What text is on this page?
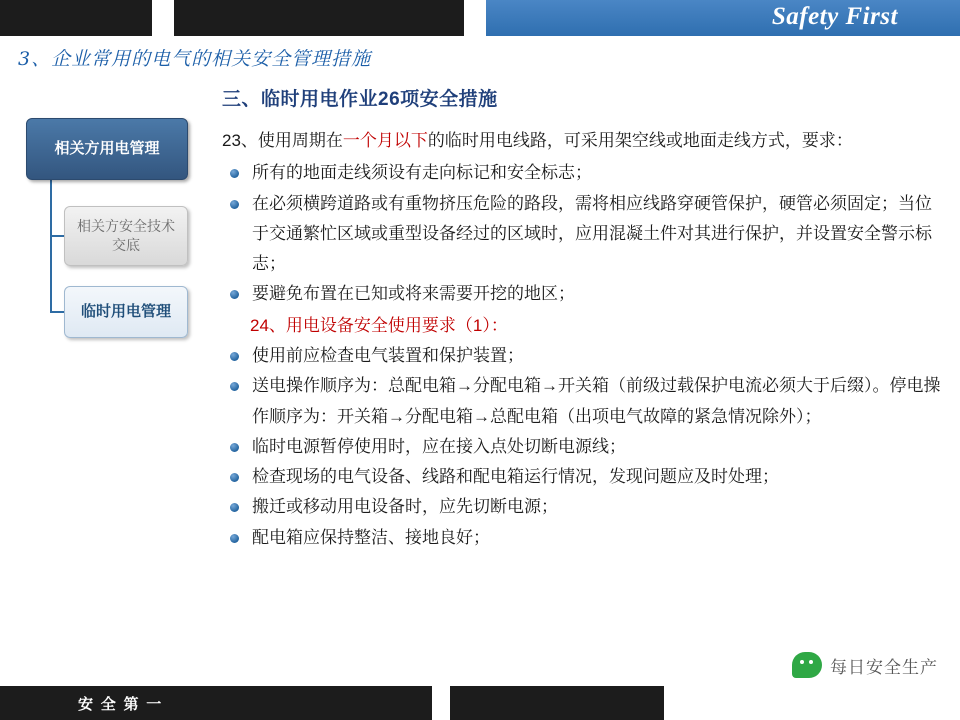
Safety First
3、企业常用的电气的相关安全管理措施
相关方用电管理
相关方安全技术交底
临时用电管理
三、临时用电作业26项安全措施

23、使用周期在一个月以下的临时用电线路，可采用架空线或地面走线方式，要求：

所有的地面走线须设有走向标记和安全标志；
在必须横跨道路或有重物挤压危险的路段，需将相应线路穿硬管保护，硬管必须固定；当位于交通繁忙区域或重型设备经过的区域时，应用混凝土件对其进行保护，并设置安全警示标志；
要避免布置在已知或将来需要开挖的地区；

24、用电设备安全使用要求（1）：

使用前应检查电气装置和保护装置；
送电操作顺序为：总配电箱→分配电箱→开关箱（前级过载保护电流必须大于后缀）。停电操作顺序为：开关箱→分配电箱→总配电箱（出项电气故障的紧急情况除外）；
临时电源暂停使用时，应在接入点处切断电源线；
检查现场的电气设备、线路和配电箱运行情况，发现问题应及时处理；
搬迁或移动用电设备时，应先切断电源；
配电箱应保持整洁、接地良好；
每日安全生产
安 全 第 一
